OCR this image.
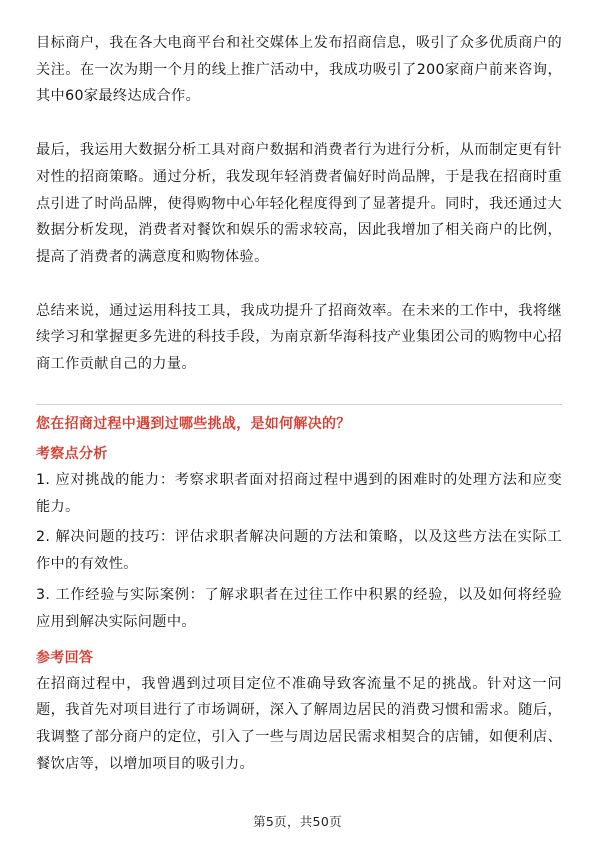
目标商户，我在各大电商平台和社交媒体上发布招商信息，吸引了众多优质商户的关注。在一次为期一个月的线上推广活动中，我成功吸引了200家商户前来咨询，其中60家最终达成合作。

最后，我运用大数据分析工具对商户数据和消费者行为进行分析，从而制定更有针对性的招商策略。通过分析，我发现年轻消费者偏好时尚品牌，于是我在招商时重点引进了时尚品牌，使得购物中心年轻化程度得到了显著提升。同时，我还通过大数据分析发现，消费者对餐饮和娱乐的需求较高，因此我增加了相关商户的比例，提高了消费者的满意度和购物体验。

总结来说，通过运用科技工具，我成功提升了招商效率。在未来的工作中，我将继续学习和掌握更多先进的科技手段，为南京新华海科技产业集团公司的购物中心招商工作贡献自己的力量。

您在招商过程中遇到过哪些挑战，是如何解决的？

考察点分析

1. 应对挑战的能力：考察求职者面对招商过程中遇到的困难时的处理方法和应变能力。

2. 解决问题的技巧：评估求职者解决问题的方法和策略，以及这些方法在实际工作中的有效性。

3. 工作经验与实际案例：了解求职者在过往工作中积累的经验，以及如何将经验应用到解决实际问题中。

参考回答

在招商过程中，我曾遇到过项目定位不准确导致客流量不足的挑战。针对这一问题，我首先对项目进行了市场调研，深入了解周边居民的消费习惯和需求。随后，我调整了部分商户的定位，引入了一些与周边居民需求相契合的店铺，如便利店、餐饮店等，以增加项目的吸引力。

第5页，共50页
